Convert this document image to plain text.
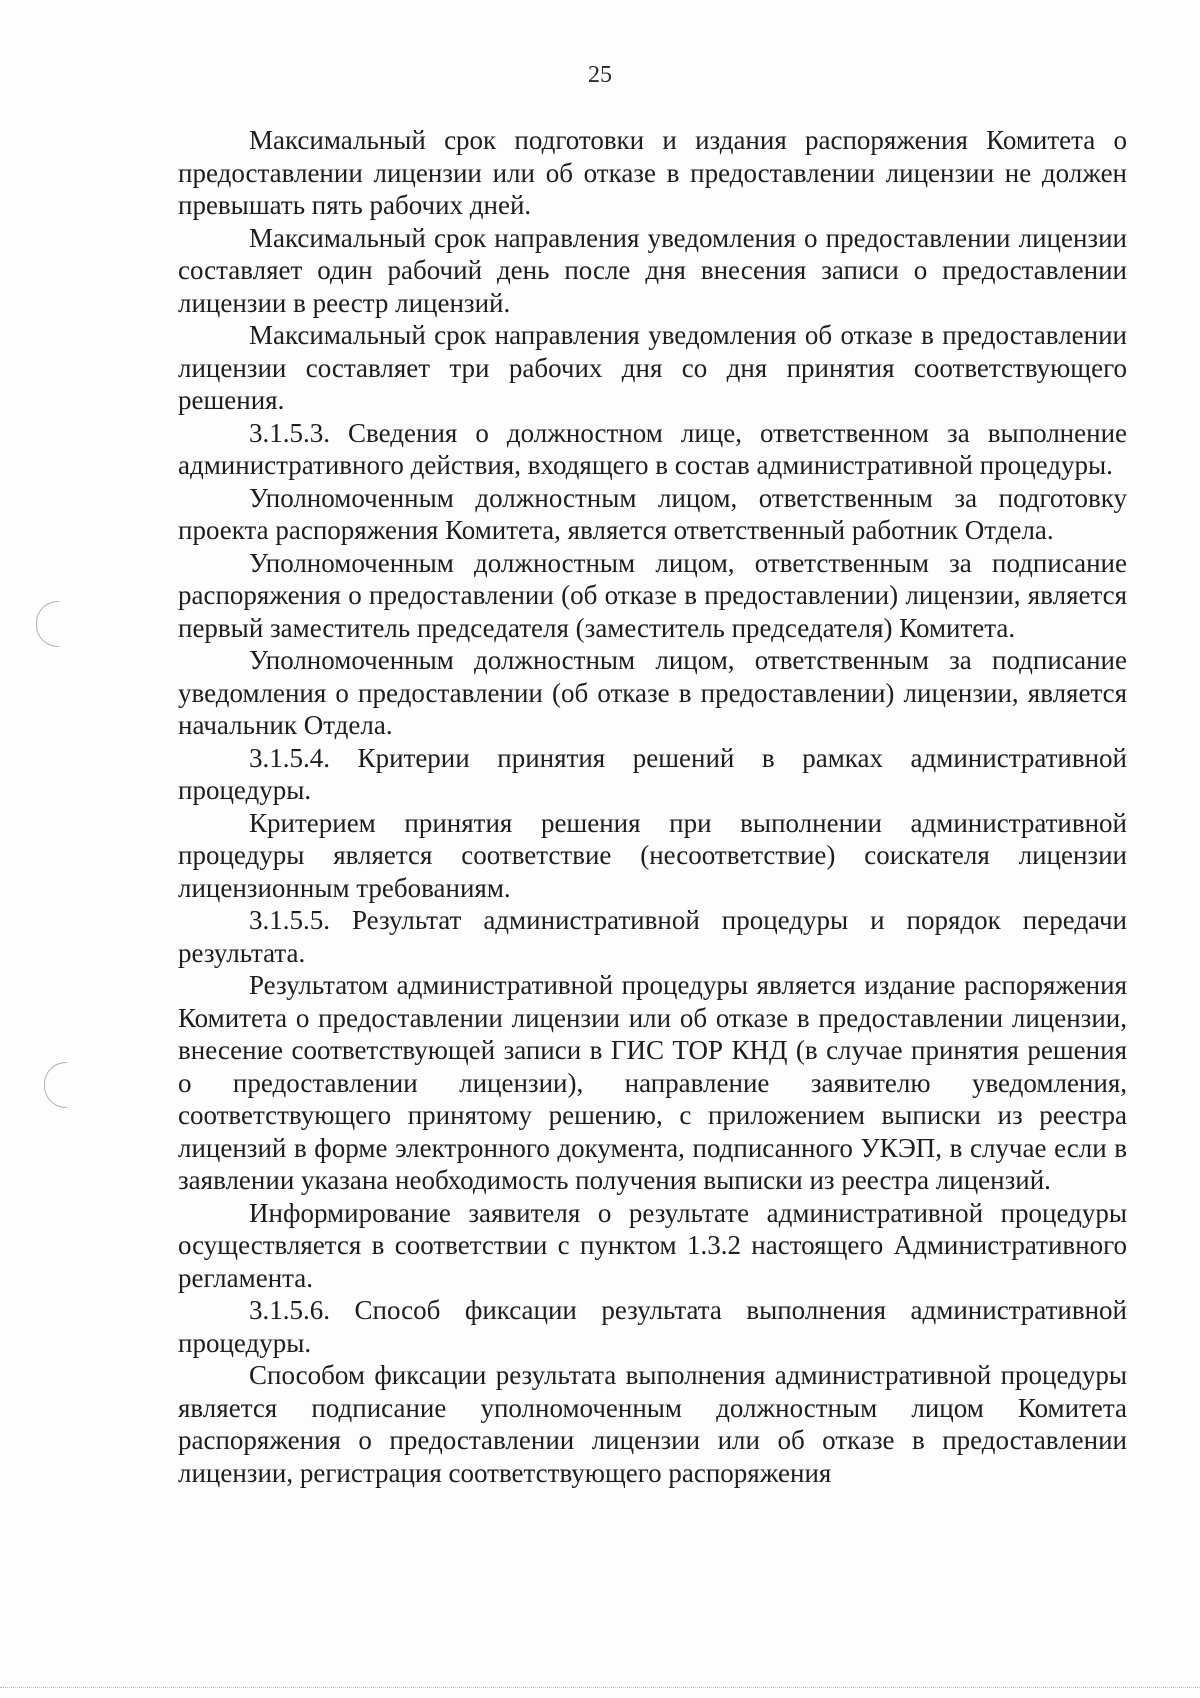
25

Максимальный срок подготовки и издания распоряжения Комитета о предоставлении лицензии или об отказе в предоставлении лицензии не должен превышать пять рабочих дней.

Максимальный срок направления уведомления о предоставлении лицензии составляет один рабочий день после дня внесения записи о предоставлении лицензии в реестр лицензий.

Максимальный срок направления уведомления об отказе в предоставлении лицензии составляет три рабочих дня со дня принятия соответствующего решения.

3.1.5.3. Сведения о должностном лице, ответственном за выполнение административного действия, входящего в состав административной процедуры.

Уполномоченным должностным лицом, ответственным за подготовку проекта распоряжения Комитета, является ответственный работник Отдела.

Уполномоченным должностным лицом, ответственным за подписание распоряжения о предоставлении (об отказе в предоставлении) лицензии, является первый заместитель председателя (заместитель председателя) Комитета.

Уполномоченным должностным лицом, ответственным за подписание уведомления о предоставлении (об отказе в предоставлении) лицензии, является начальник Отдела.

3.1.5.4. Критерии принятия решений в рамках административной процедуры.

Критерием принятия решения при выполнении административной процедуры является соответствие (несоответствие) соискателя лицензии лицензионным требованиям.

3.1.5.5. Результат административной процедуры и порядок передачи результата.

Результатом административной процедуры является издание распоряжения Комитета о предоставлении лицензии или об отказе в предоставлении лицензии, внесение соответствующей записи в ГИС ТОР КНД (в случае принятия решения о предоставлении лицензии), направление заявителю уведомления, соответствующего принятому решению, с приложением выписки из реестра лицензий в форме электронного документа, подписанного УКЭП, в случае если в заявлении указана необходимость получения выписки из реестра лицензий.

Информирование заявителя о результате административной процедуры осуществляется в соответствии с пунктом 1.3.2 настоящего Административного регламента.

3.1.5.6. Способ фиксации результата выполнения административной процедуры.

Способом фиксации результата выполнения административной процедуры является подписание уполномоченным должностным лицом Комитета распоряжения о предоставлении лицензии или об отказе в предоставлении лицензии, регистрация соответствующего распоряжения
